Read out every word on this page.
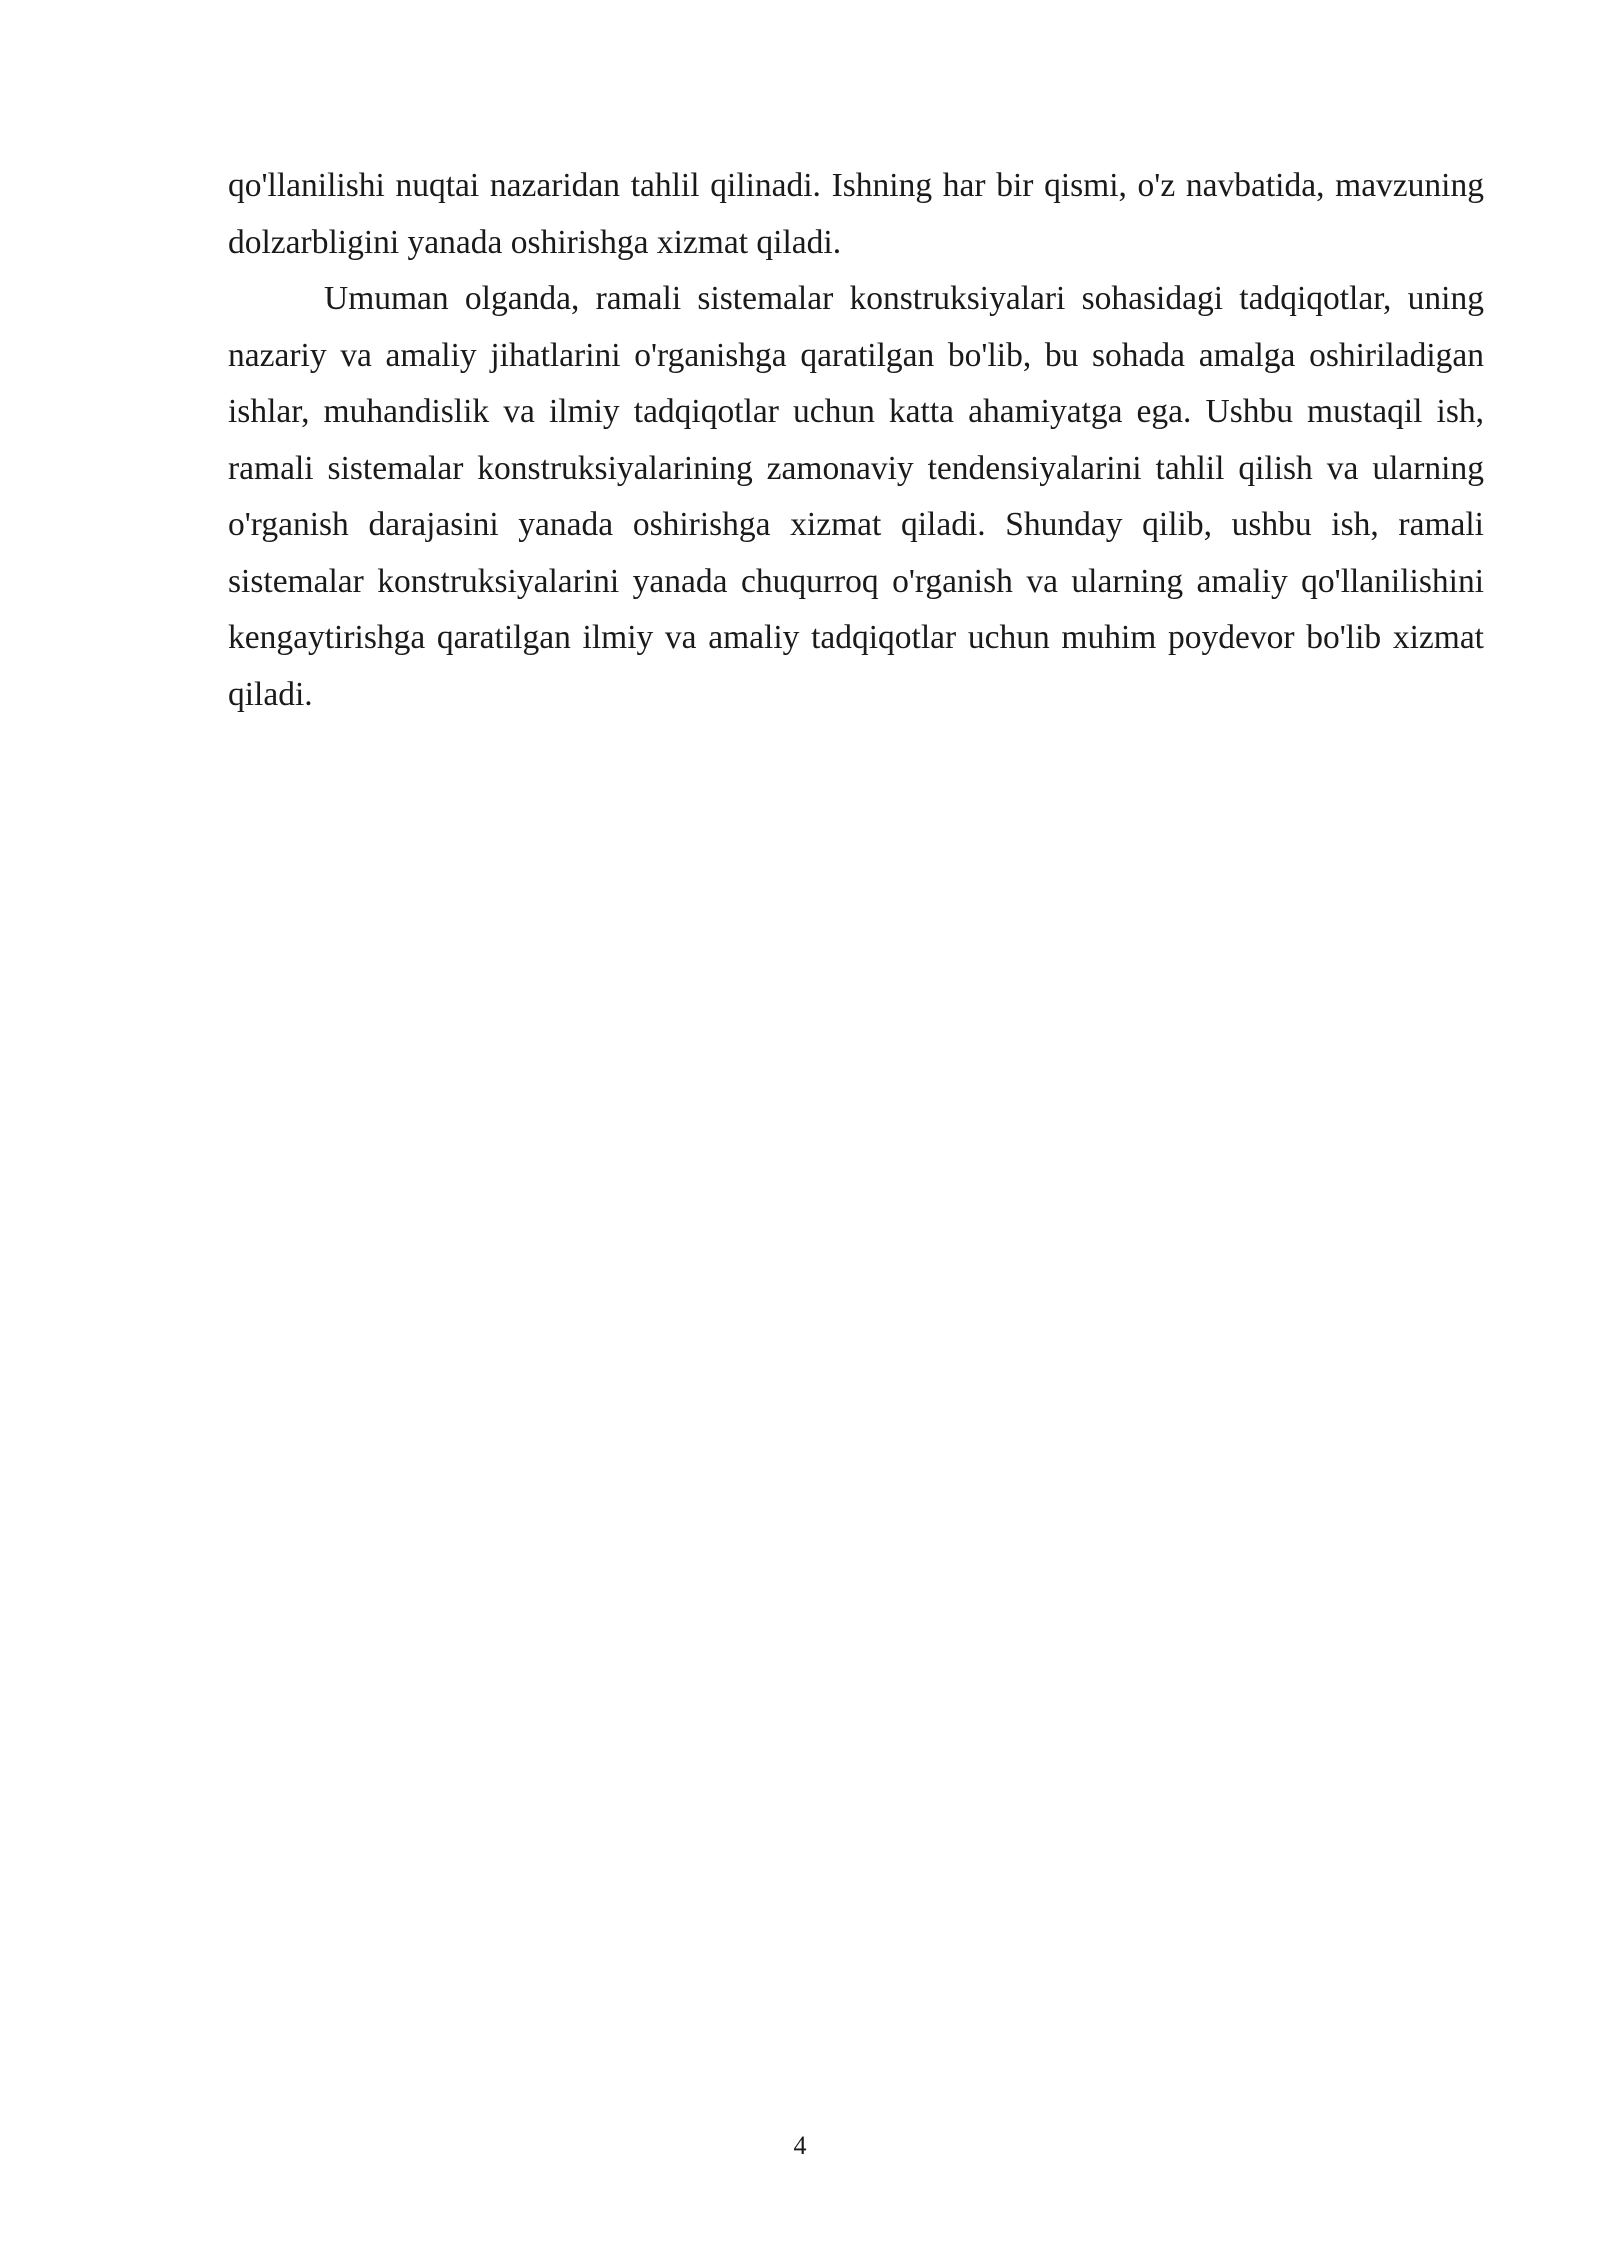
qo'llanilishi nuqtai nazaridan tahlil qilinadi. Ishning har bir qismi, o'z navbatida, mavzuning dolzarbligini yanada oshirishga xizmat qiladi.

Umuman olganda, ramali sistemalar konstruksiyalari sohasidagi tadqiqotlar, uning nazariy va amaliy jihatlarini o'rganishga qaratilgan bo'lib, bu sohada amalga oshiriladigan ishlar, muhandislik va ilmiy tadqiqotlar uchun katta ahamiyatga ega. Ushbu mustaqil ish, ramali sistemalar konstruksiyalarining zamonaviy tendensiyalarini tahlil qilish va ularning o'rganish darajasini yanada oshirishga xizmat qiladi. Shunday qilib, ushbu ish, ramali sistemalar konstruksiyalarini yanada chuqurroq o'rganish va ularning amaliy qo'llanilishini kengaytirishga qaratilgan ilmiy va amaliy tadqiqotlar uchun muhim poydevor bo'lib xizmat qiladi.

4
